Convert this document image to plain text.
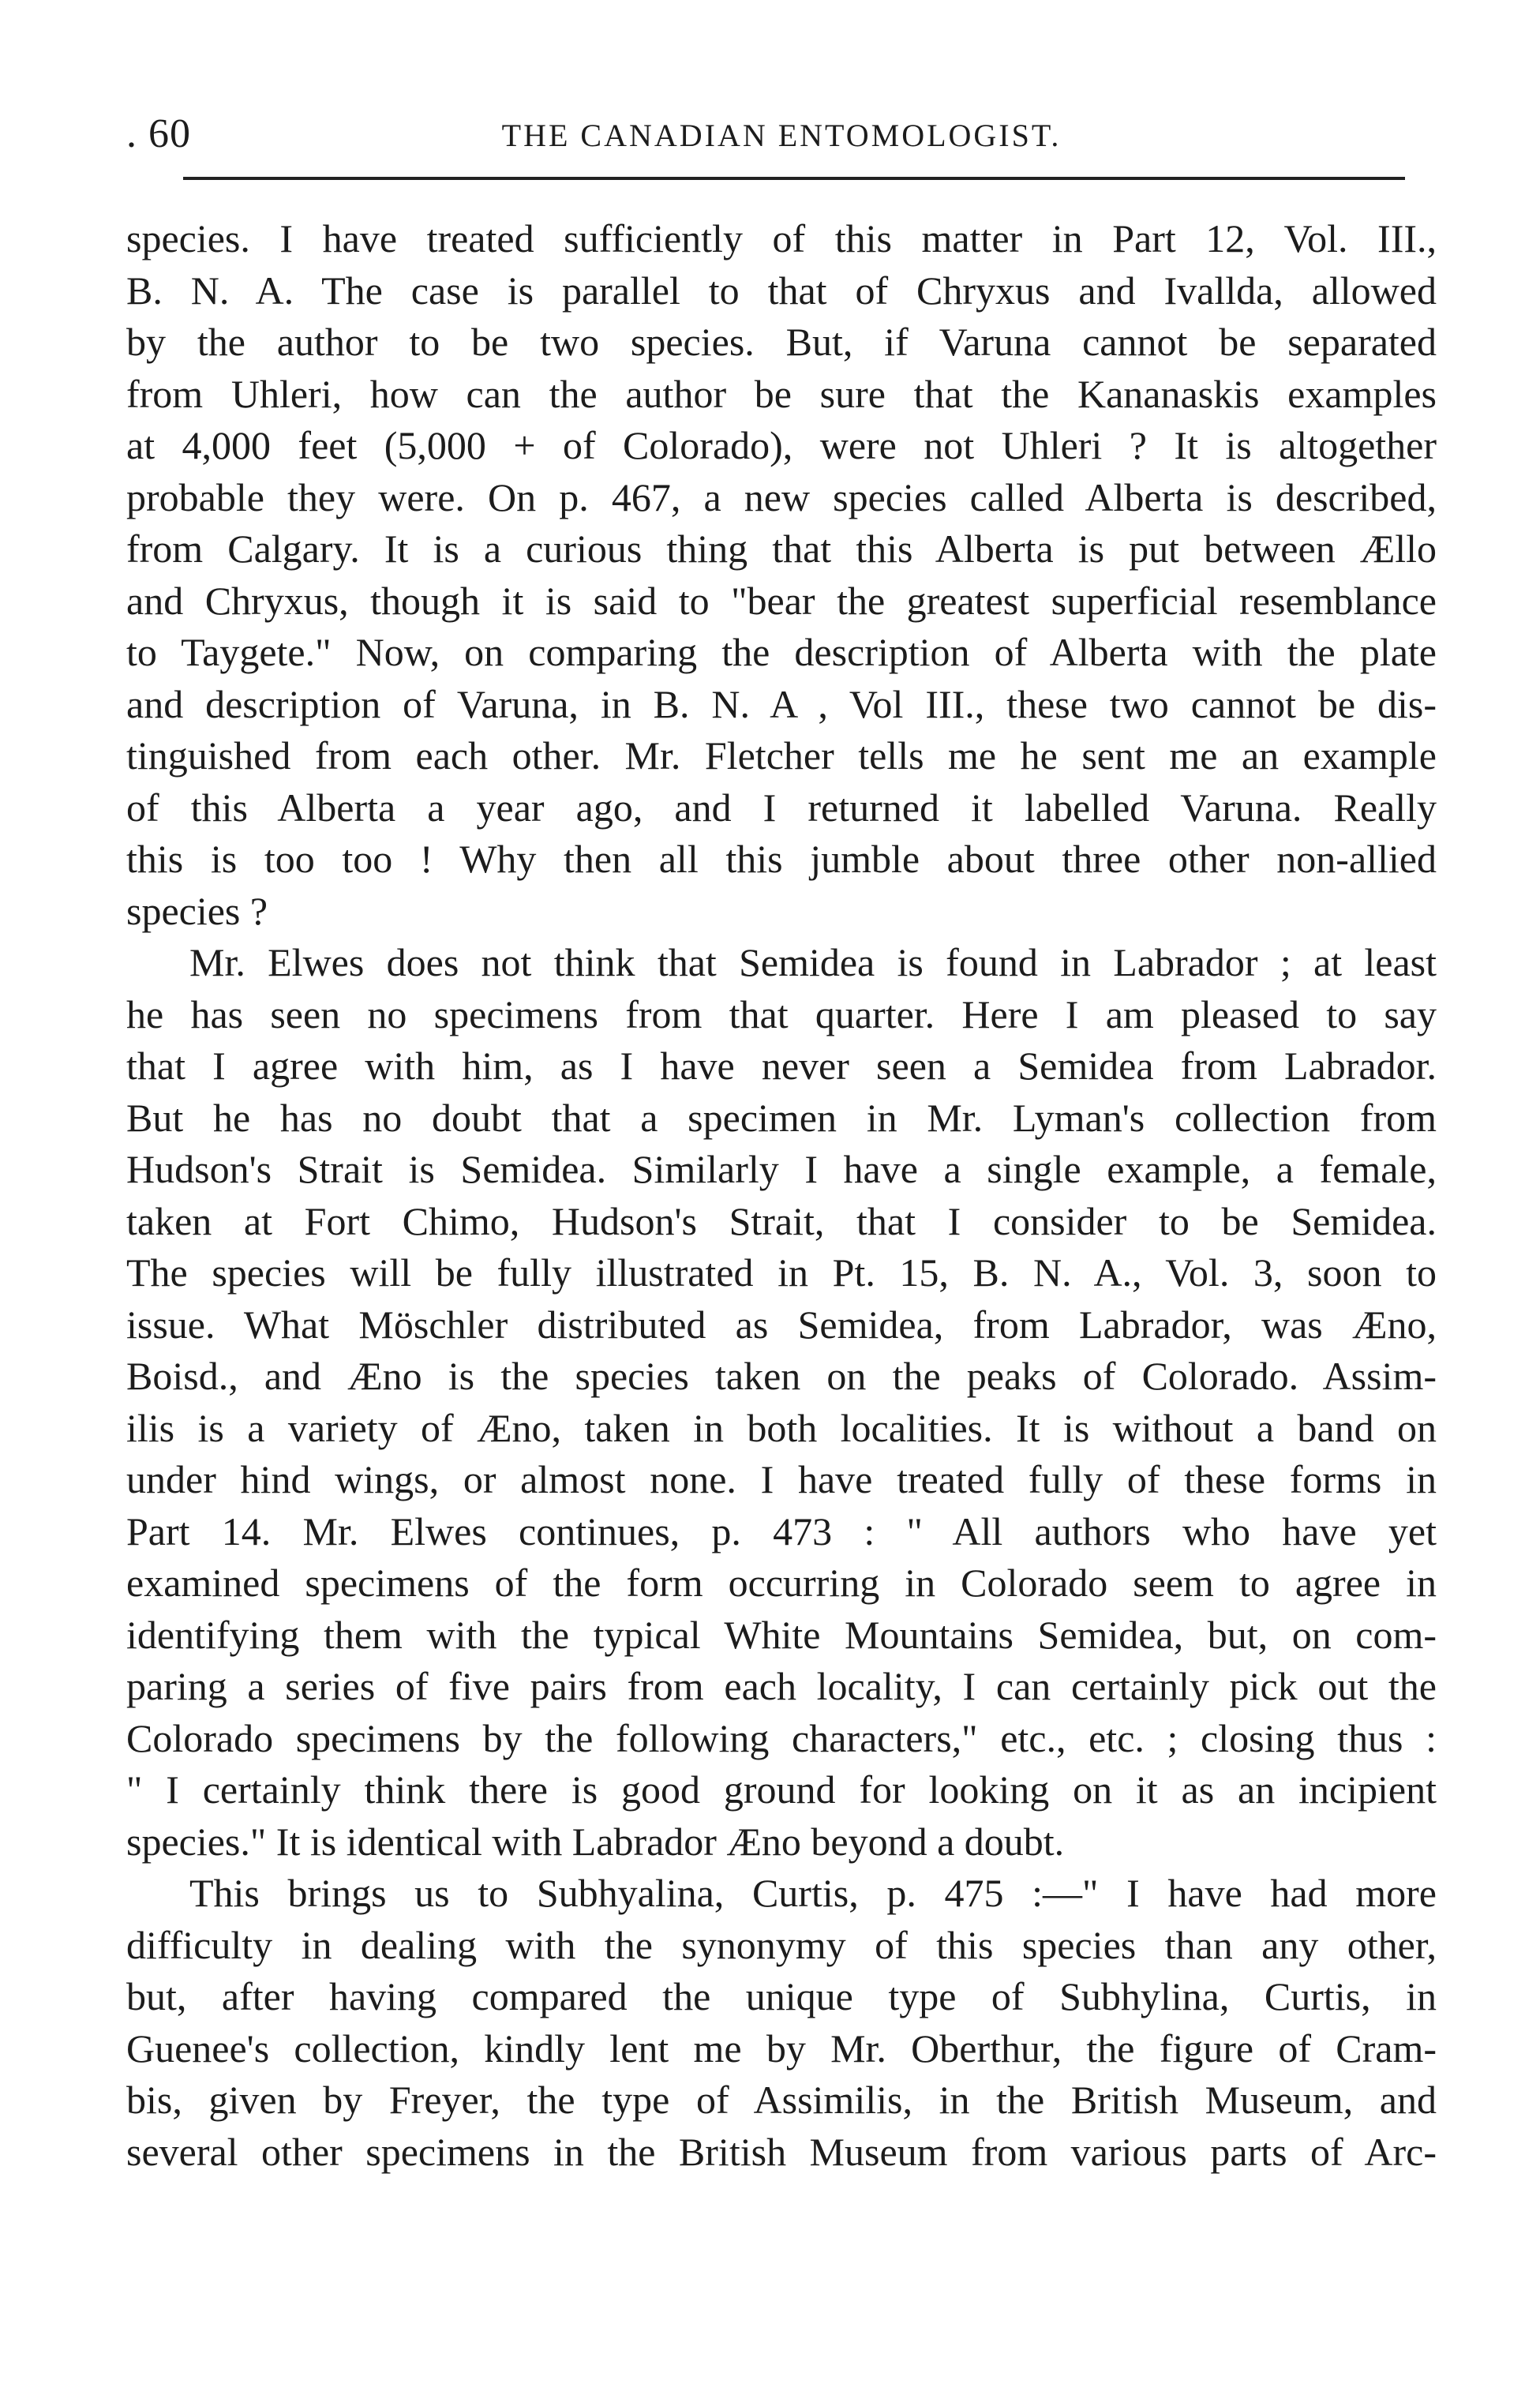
. 60	THE CANADIAN ENTOMOLOGIST.
species. I have treated sufficiently of this matter in Part 12, Vol. III.,
B. N. A. The case is parallel to that of Chryxus and Ivallda, allowed
by the author to be two species. But, if Varuna cannot be separated
from Uhleri, how can the author be sure that the Kananaskis examples
at 4,000 feet (5,000 + of Colorado), were not Uhleri ? It is altogether
probable they were. On p. 467, a new species called Alberta is described,
from Calgary. It is a curious thing that this Alberta is put between Ællo
and Chryxus, though it is said to "bear the greatest superficial resemblance
to Taygete." Now, on comparing the description of Alberta with the plate
and description of Varuna, in B. N. A , Vol III., these two cannot be dis-
tinguished from each other. Mr. Fletcher tells me he sent me an example
of this Alberta a year ago, and I returned it labelled Varuna. Really
this is too too ! Why then all this jumble about three other non-allied
species ?
Mr. Elwes does not think that Semidea is found in Labrador ; at least
he has seen no specimens from that quarter. Here I am pleased to say
that I agree with him, as I have never seen a Semidea from Labrador.
But he has no doubt that a specimen in Mr. Lyman's collection from
Hudson's Strait is Semidea. Similarly I have a single example, a female,
taken at Fort Chimo, Hudson's Strait, that I consider to be Semidea.
The species will be fully illustrated in Pt. 15, B. N. A., Vol. 3, soon to
issue. What Möschler distributed as Semidea, from Labrador, was Æno,
Boisd., and Æno is the species taken on the peaks of Colorado. Assim-
ilis is a variety of Æno, taken in both localities. It is without a band on
under hind wings, or almost none. I have treated fully of these forms in
Part 14. Mr. Elwes continues, p. 473 : " All authors who have yet
examined specimens of the form occurring in Colorado seem to agree in
identifying them with the typical White Mountains Semidea, but, on com-
paring a series of five pairs from each locality, I can certainly pick out the
Colorado specimens by the following characters," etc., etc. ; closing thus :
" I certainly think there is good ground for looking on it as an incipient
species." It is identical with Labrador Æno beyond a doubt.
This brings us to Subhyalina, Curtis, p. 475 :—" I have had more
difficulty in dealing with the synonymy of this species than any other,
but, after having compared the unique type of Subhylina, Curtis, in
Guenee's collection, kindly lent me by Mr. Oberthur, the figure of Cram-
bis, given by Freyer, the type of Assimilis, in the British Museum, and
several other specimens in the British Museum from various parts of Arc-
